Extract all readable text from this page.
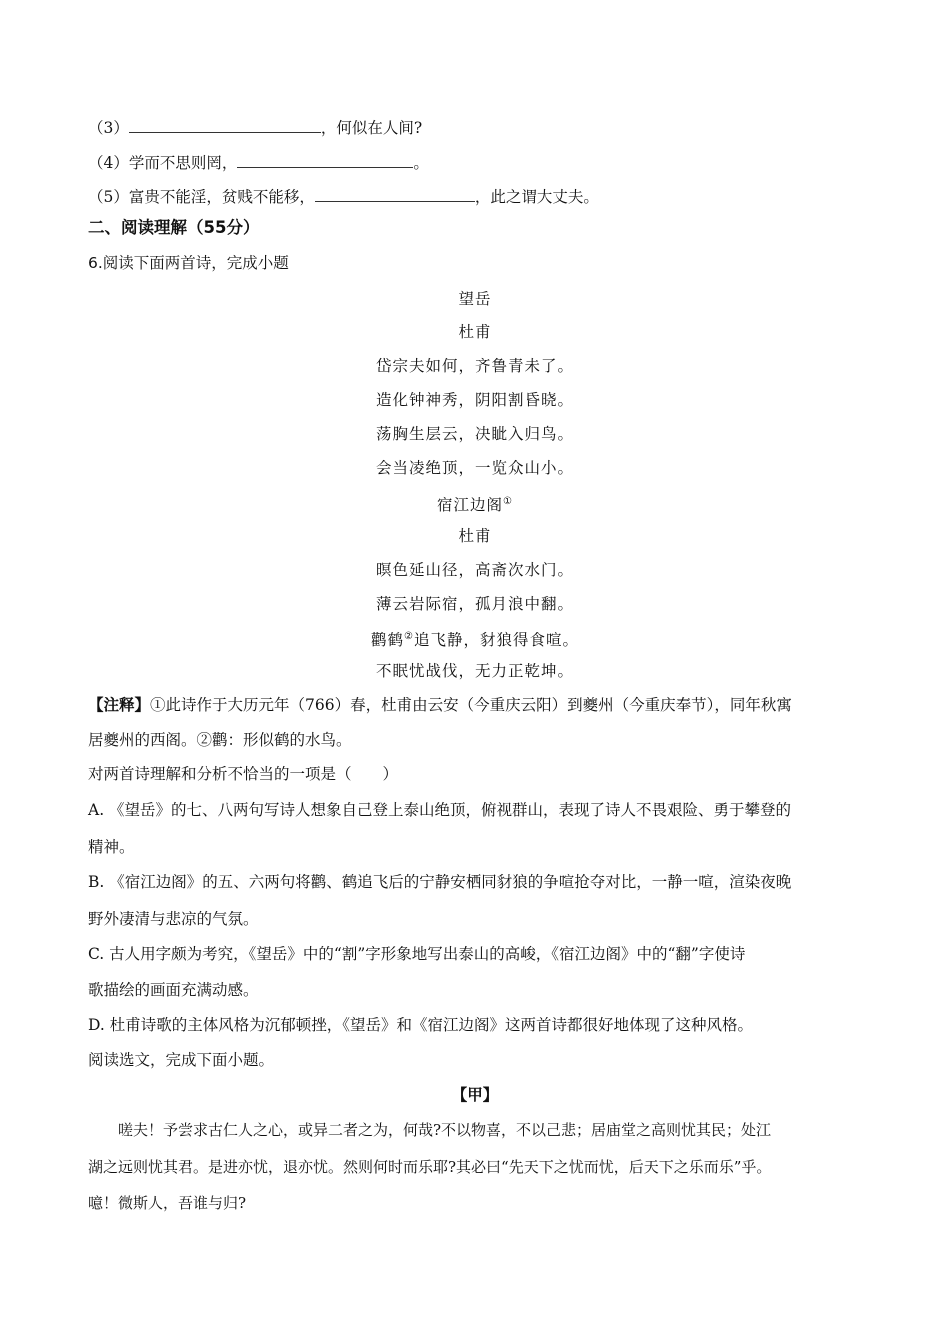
（3）	，何似在人间?
（4）学而不思则罔，	。
（5）富贵不能淫，贫贱不能移，	，此之谓大丈夫。
二、阅读理解（55分）
6.阅读下面两首诗，完成小题
望岳
杜甫
岱宗夫如何，齐鲁青未了。
造化钟神秀，阴阳割昏晓。
荡胸生层云，决眦入归鸟。
会当凌绝顶，一览众山小。
宿江边阁①
杜甫
暝色延山径，高斋次水门。
薄云岩际宿，孤月浪中翻。
鹳鹤②追飞静，豺狼得食喧。
不眠忧战伐，无力正乾坤。
【注释】①此诗作于大历元年（766）春，杜甫由云安（今重庆云阳）到夔州（今重庆奉节），同年秋寓
居夔州的西阁。②鹳：形似鹤的水鸟。
对两首诗理解和分析不恰当的一项是（　　）
A. 《望岳》的七、八两句写诗人想象自己登上泰山绝顶，俯视群山，表现了诗人不畏艰险、勇于攀登的
精神。
B. 《宿江边阁》的五、六两句将鹳、鹤追飞后的宁静安栖同豺狼的争喧抢夺对比，一静一喧，渲染夜晚
野外凄清与悲凉的气氛。
C. 古人用字颇为考究，《望岳》中的“割”字形象地写出泰山的高峻，《宿江边阁》中的“翻”字使诗
歌描绘的画面充满动感。
D. 杜甫诗歌的主体风格为沉郁顿挫，《望岳》和《宿江边阁》这两首诗都很好地体现了这种风格。
阅读选文，完成下面小题。
【甲】
嗟夫！予尝求古仁人之心，或异二者之为，何哉?不以物喜，不以己悲；居庙堂之高则忧其民；处江
湖之远则忧其君。是进亦忧，退亦忧。然则何时而乐耶?其必曰“先天下之忧而忧，后天下之乐而乐”乎。
噫！微斯人，吾谁与归?
